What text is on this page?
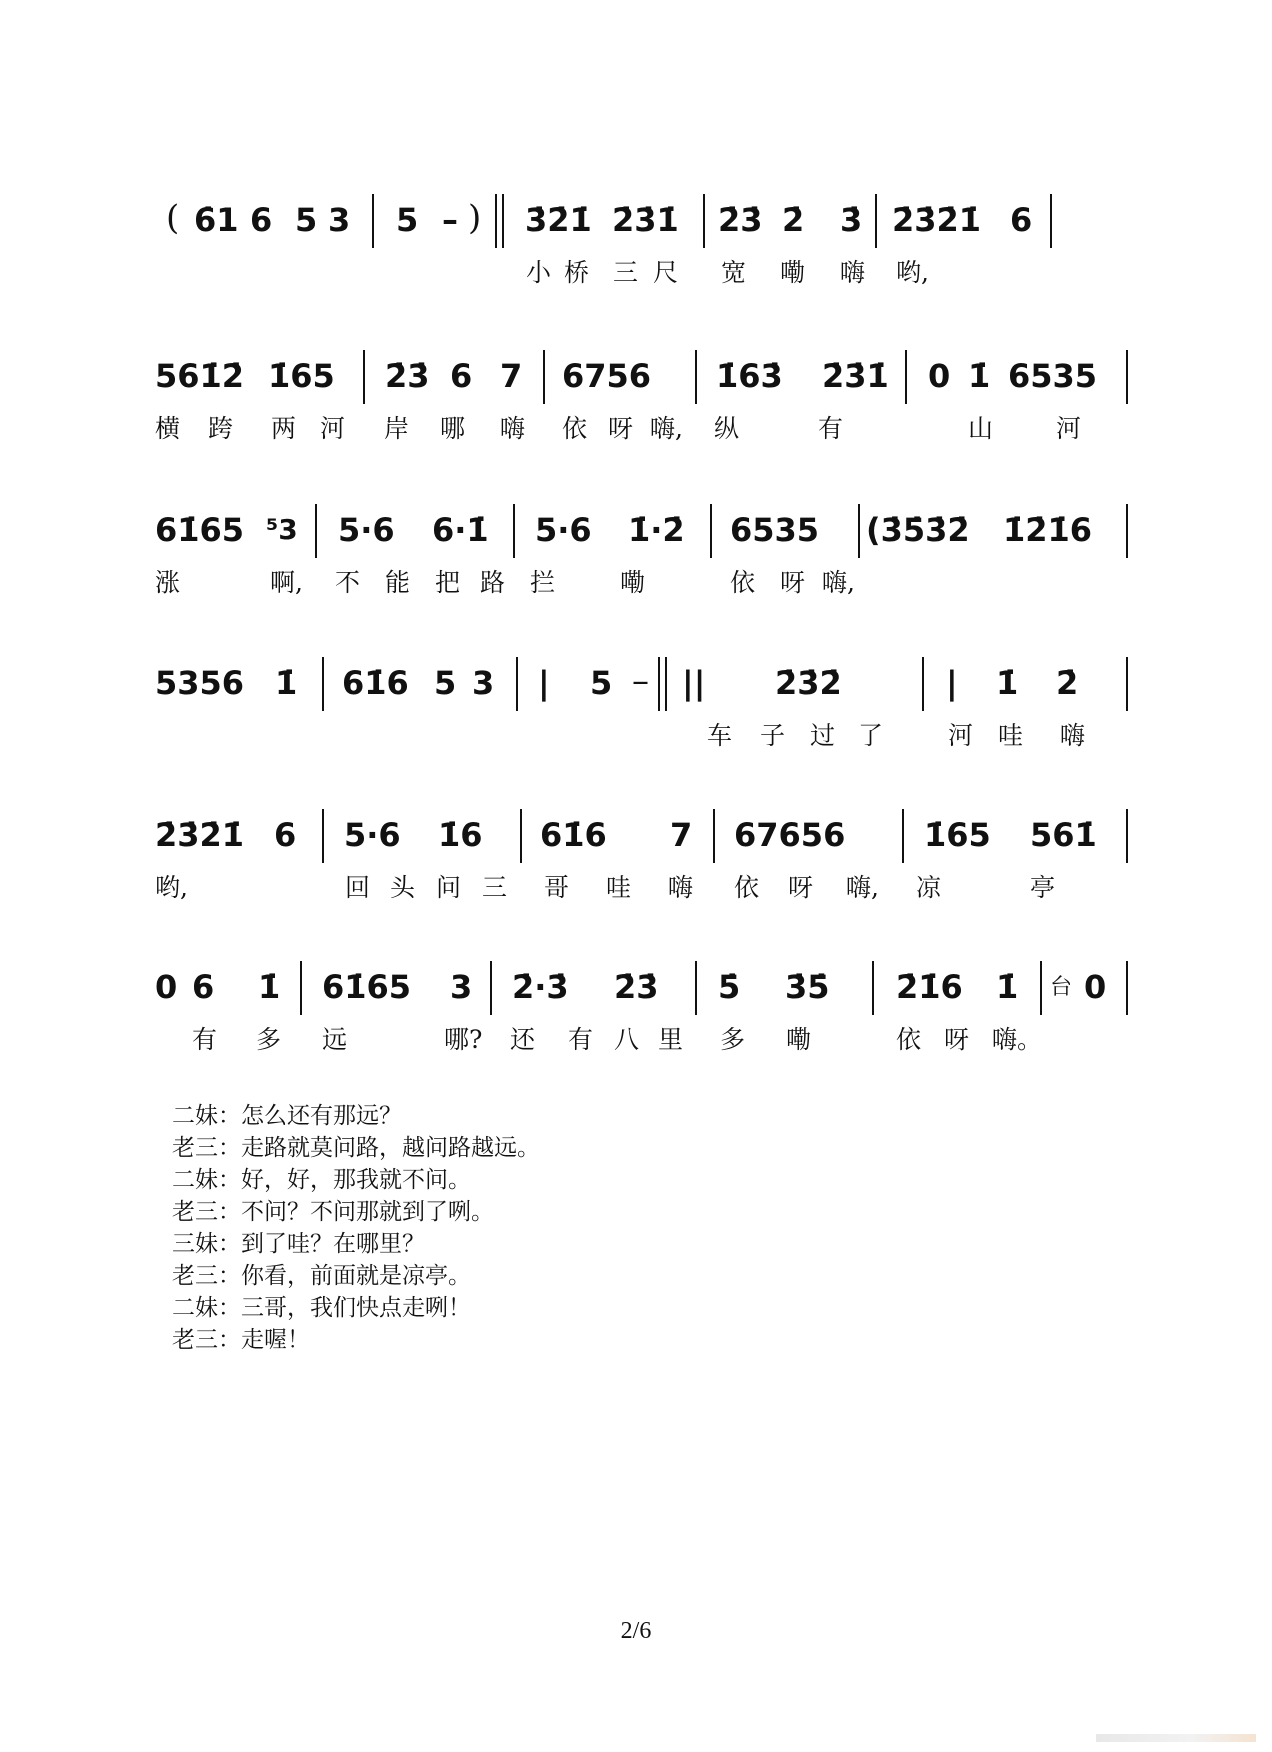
( 6̇1 6 5 3 5 – ) 3̇2̇1̇ 2̇3̇1̇ 2̇3̇ 2̇ 3̇ 2̇3̇2̇1̇ 6
小 桥 三 尺 宽 嘞 嗨 哟,
561̇2̇ 1̇65 2̇3̇ 6 7 6756 1̇63̇ 2̇3̇1̇ 0 1̇ 6535
横 跨 两 河 岸 哪 嗨 依 呀 嗨, 纵	有	山	河
61̇65 ⁵3 5·6 6·1̇ 5·6 1̇·2̇ 6535 (3̇5̇3̇2̇ 1̇2̇1̇6
涨	啊, 不 能 把 路 拦	嘞	依 呀 嗨,
5356 1̇ 61̇6 5 3 | 5 – || 2̇3̇2̇	| 1̇ 2̇
车 子 过 了	河 哇 嗨
2̇3̇2̇1̇ 6 5·6 1̇6 61̇6 7 67656 1̇65 561̇
哟,	回 头 问 三 哥 哇 嗨 依 呀 嗨, 凉	亭
0 6 1̇ 61̇65 3 2̇·3̇ 2̇3̇ 5̇ 3̇5̇ 2̇1̇6 1̇ 台 0
有 多 远	哪? 还 有 八 里 多 嘞	依 呀 嗨。
二妹：怎么还有那远？
老三：走路就莫问路，越问路越远。
二妹：好，好，那我就不问。
老三：不问？不问那就到了咧。
三妹：到了哇？在哪里？
老三：你看，前面就是凉亭。
二妹：三哥，我们快点走咧！
老三：走喔！
2/6
